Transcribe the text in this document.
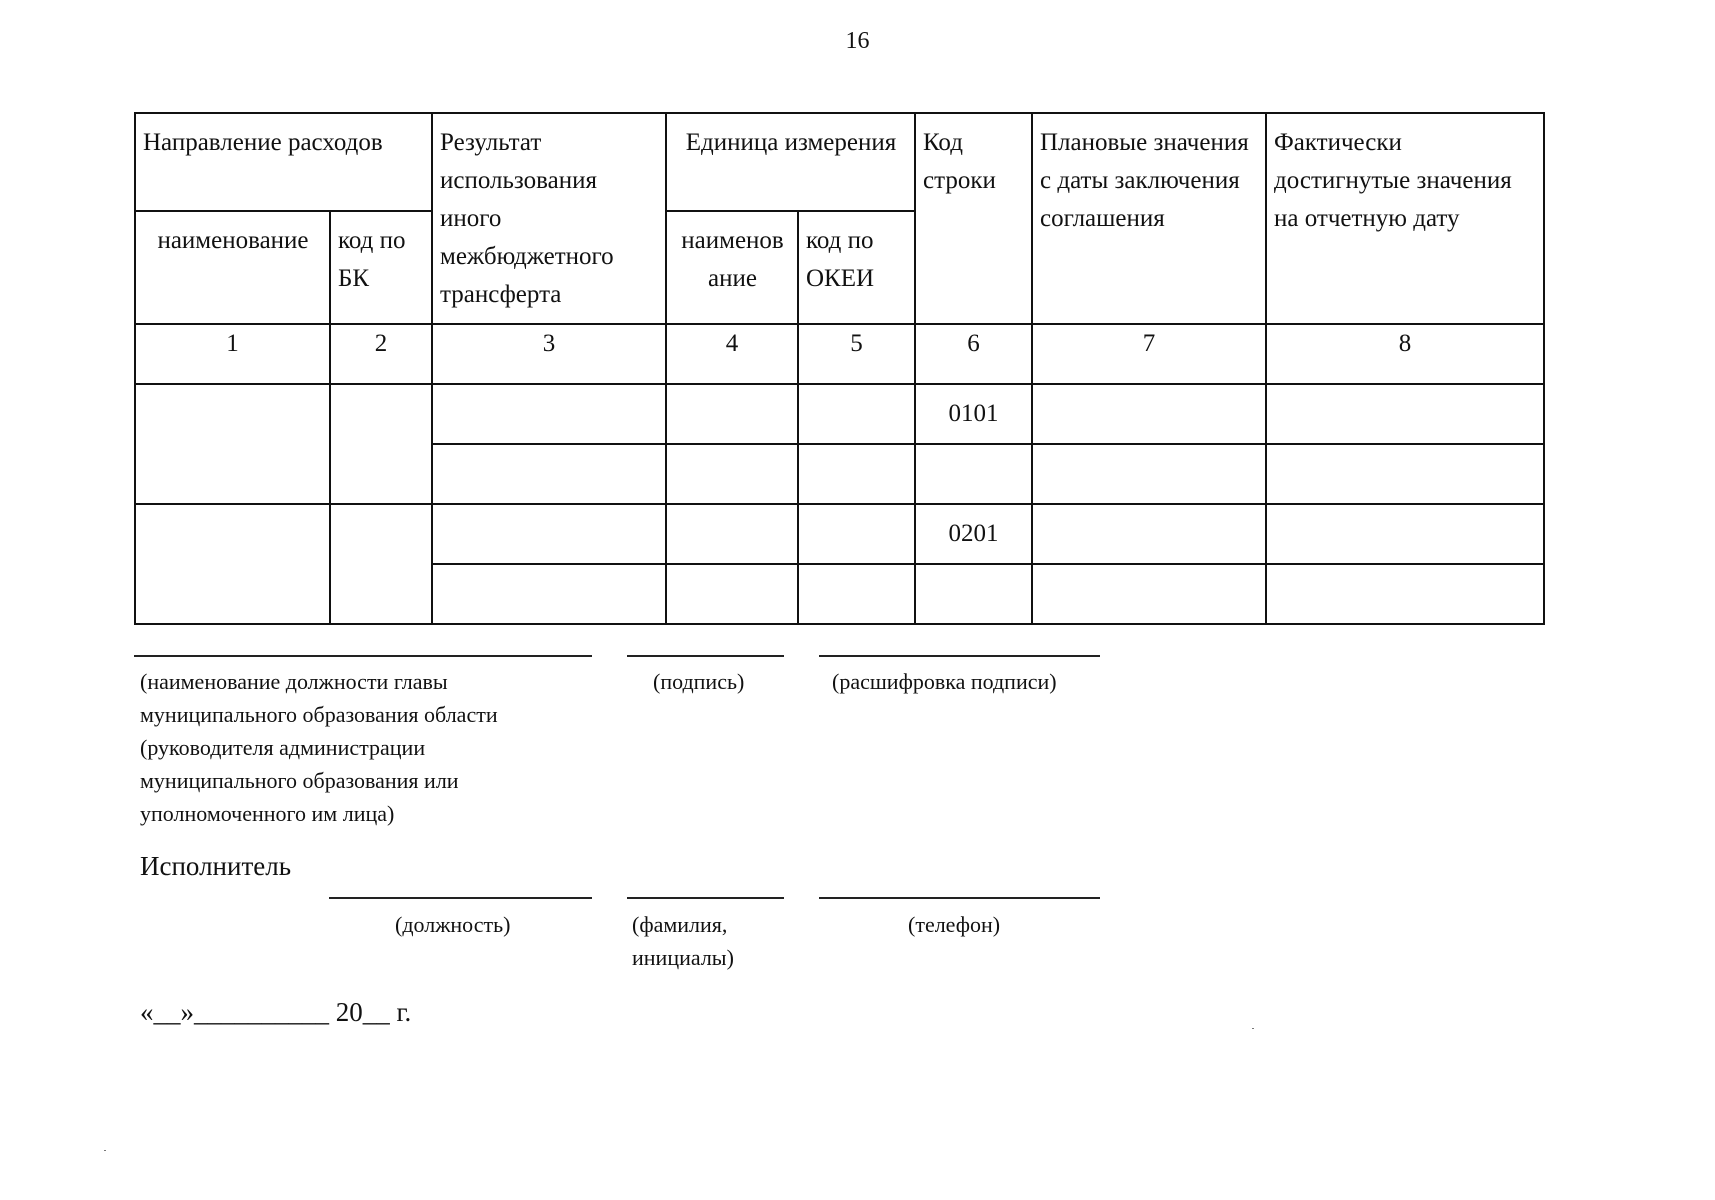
16
Направление расходов		Результат использования иного межбюджетного трансферта	Единица измерения		Код строки	Плановые значения с даты заключения соглашения	Фактически достигнутые значения на отчетную дату
наименование	код по БК		наименов ание	код по ОКЕИ			
1	2	3	4	5	6	7	8
					0101		

					0201		

(наименование должности главы муниципального образования области (руководителя администрации муниципального образования или уполномоченного им лица)
(подпись)	(расшифровка подписи)
Исполнитель
(должность)	(фамилия, инициалы)
(телефон)
«__»__________ 20__ г.
